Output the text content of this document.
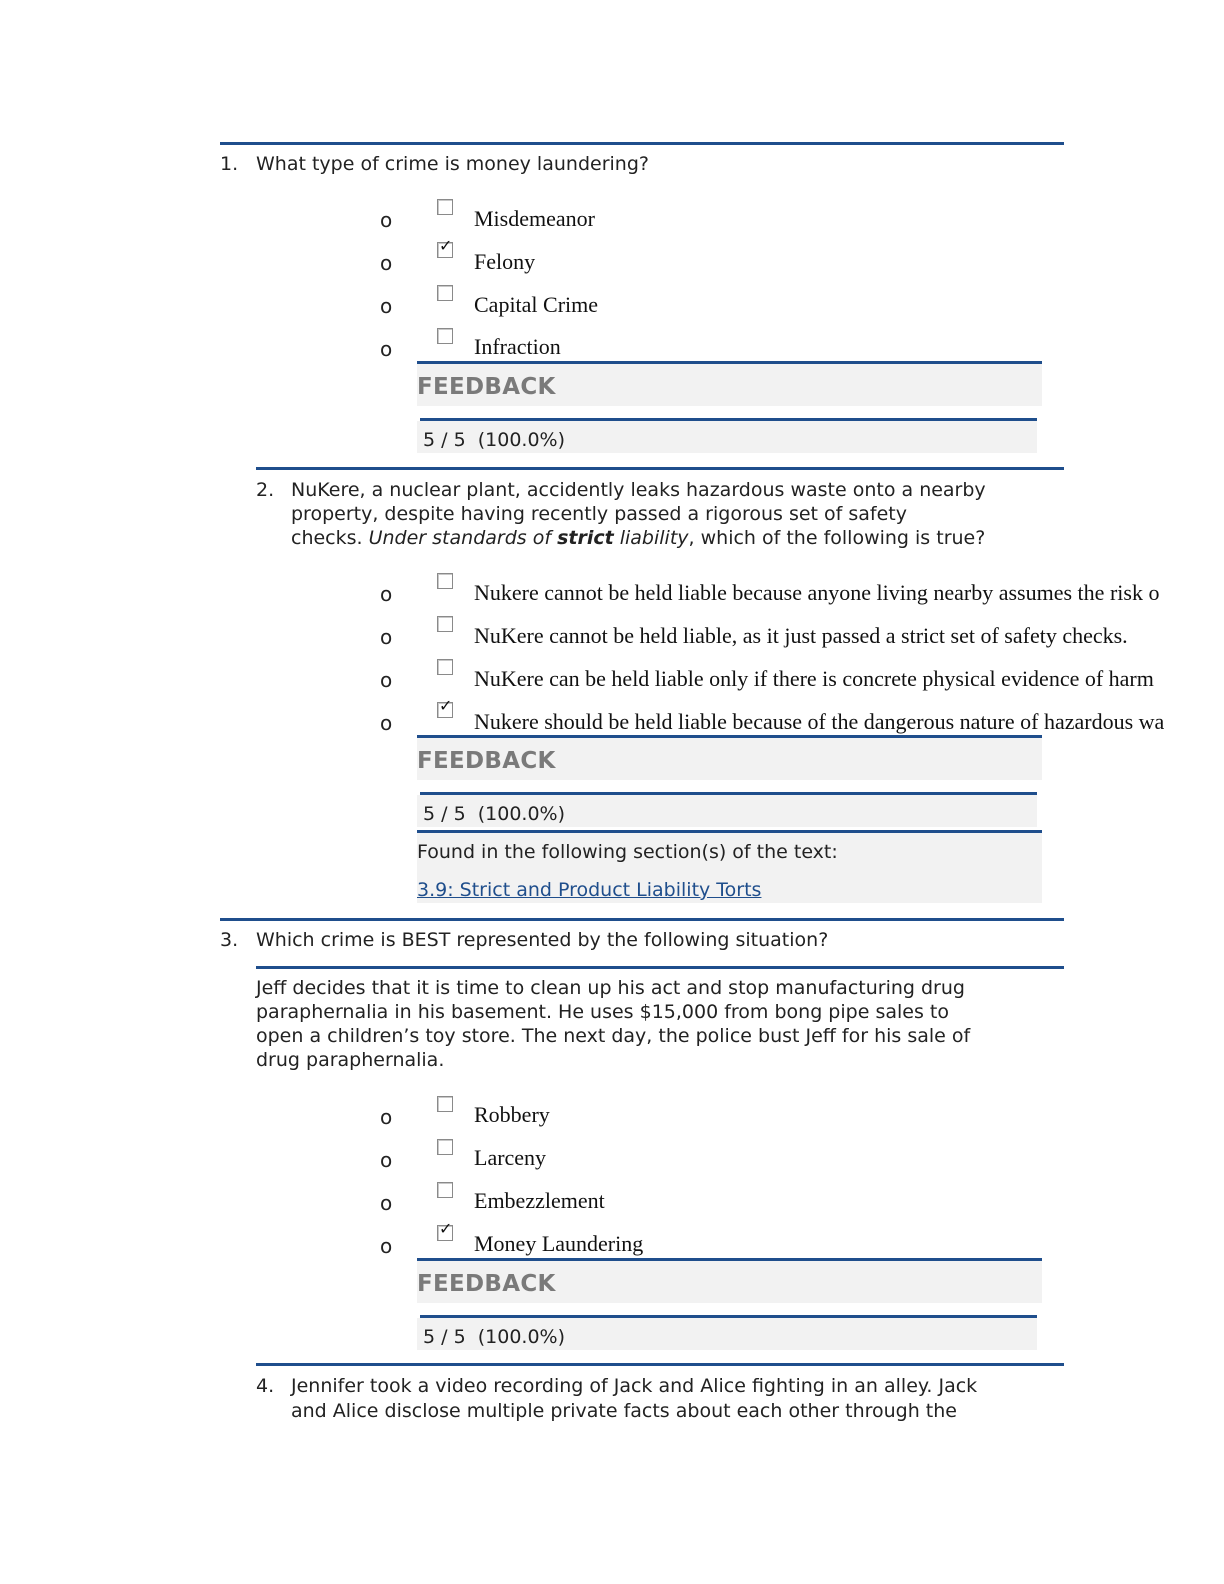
1. What type of crime is money laundering?
o	Misdemeanor
o
✓
Felony
o	Capital Crime
o	Infraction
FEEDBACK
5 / 5  (100.0%)
2. NuKere, a nuclear plant, accidently leaks hazardous waste onto a nearby
property, despite having recently passed a rigorous set of safety
checks. Under standards of strict liability, which of the following is true?
o	Nukere cannot be held liable because anyone living nearby assumes the risk o
o	NuKere cannot be held liable, as it just passed a strict set of safety checks.
o	NuKere can be held liable only if there is concrete physical evidence of harm
o
✓
Nukere should be held liable because of the dangerous nature of hazardous wa
FEEDBACK
5 / 5  (100.0%)
Found in the following section(s) of the text:
3.9: Strict and Product Liability Torts
3. Which crime is BEST represented by the following situation?
Jeff decides that it is time to clean up his act and stop manufacturing drug
paraphernalia in his basement. He uses $15,000 from bong pipe sales to
open a children’s toy store. The next day, the police bust Jeff for his sale of
drug paraphernalia.
o	Robbery
o	Larceny
o	Embezzlement
o
✓
Money Laundering
FEEDBACK
5 / 5  (100.0%)
4. Jennifer took a video recording of Jack and Alice fighting in an alley. Jack
and Alice disclose multiple private facts about each other through the
